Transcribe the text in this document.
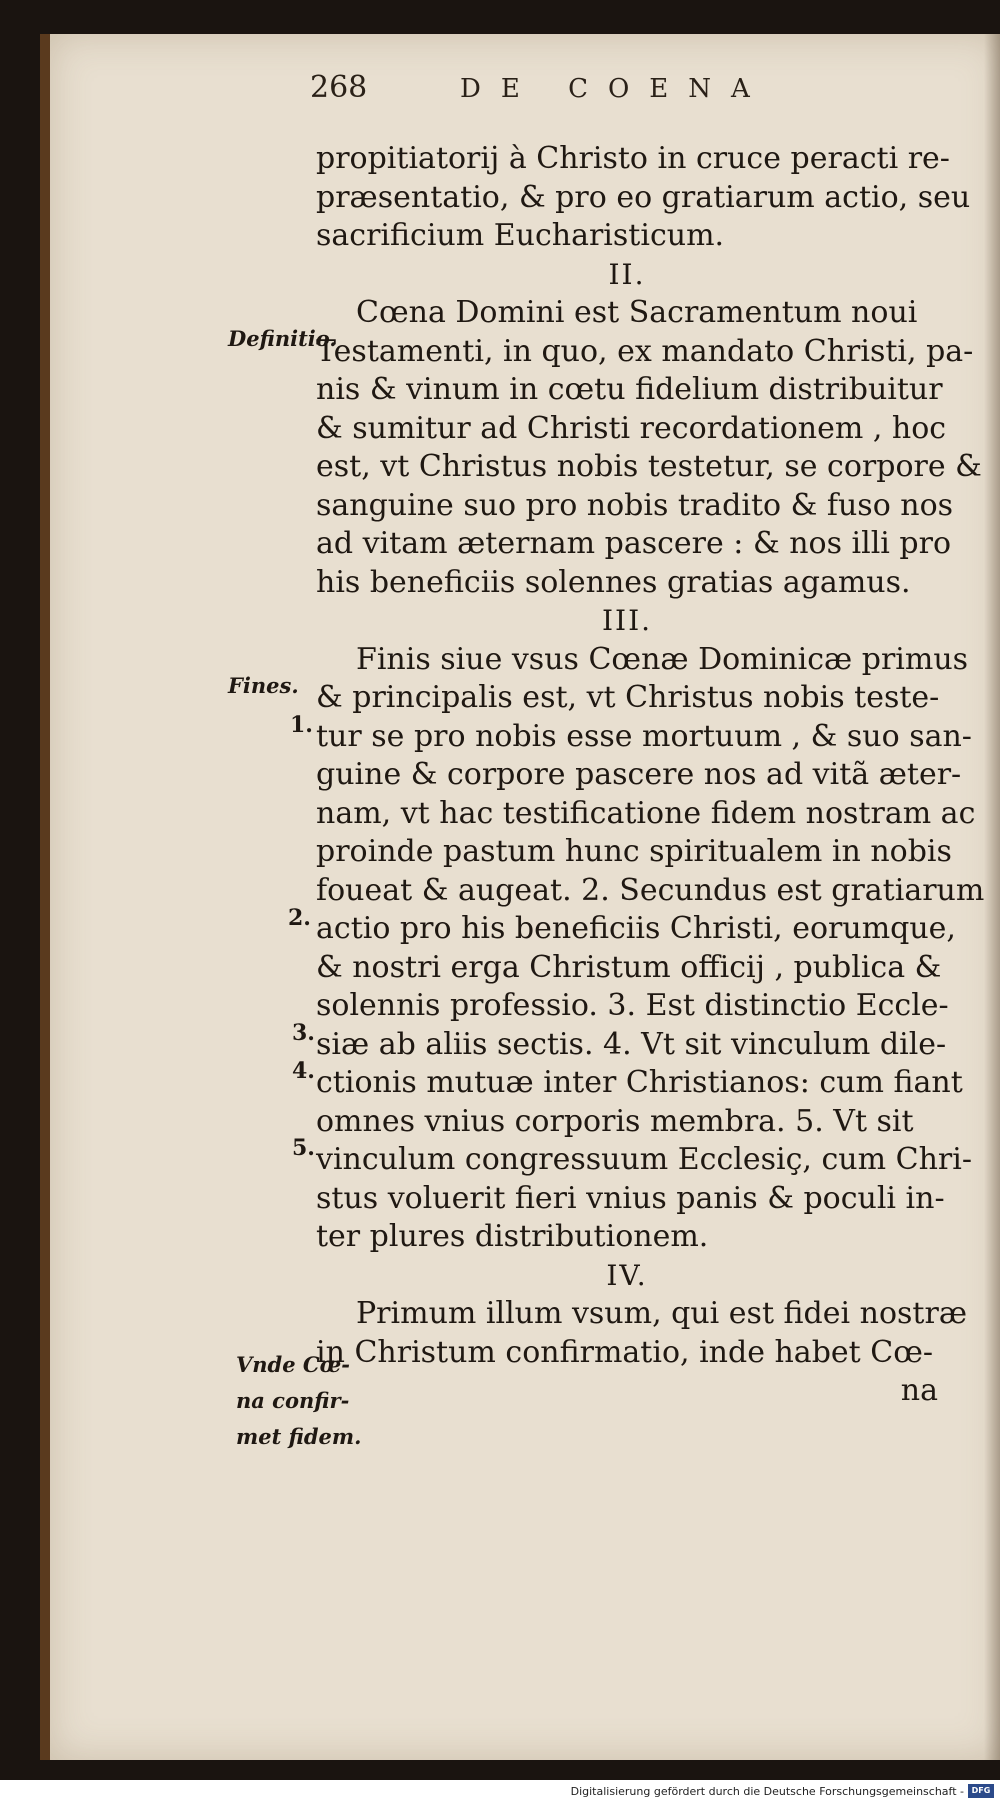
268	DE COENA
propitiatorij à Christo in cruce peracti re-
præsentatio, & pro eo gratiarum actio, seu
sacrificium Eucharisticum.
II.
Cœna Domini est Sacramentum noui
Testamenti, in quo, ex mandato Christi, pa-
nis & vinum in cœtu fidelium distribuitur
& sumitur ad Christi recordationem , hoc
est, vt Christus nobis testetur, se corpore &
sanguine suo pro nobis tradito & fuso nos
ad vitam æternam pascere : & nos illi pro
his beneficiis solennes gratias agamus.
III.
Finis siue vsus Cœnæ Dominicæ primus
& principalis est, vt Christus nobis teste-
tur se pro nobis esse mortuum , & suo san-
guine & corpore pascere nos ad vitã æter-
nam, vt hac testificatione fidem nostram ac
proinde pastum hunc spiritualem in nobis
foueat & augeat. 2. Secundus est gratiarum
actio pro his beneficiis Christi, eorumque,
& nostri erga Christum officij , publica &
solennis professio. 3. Est distinctio Eccle-
siæ ab aliis sectis. 4. Vt sit vinculum dile-
ctionis mutuæ inter Christianos: cum fiant
omnes vnius corporis membra. 5. Vt sit
vinculum congressuum Ecclesiç, cum Chri-
stus voluerit fieri vnius panis & poculi in-
ter plures distributionem.
IV.
Primum illum vsum, qui est fidei nostræ
in Christum confirmatio, inde habet Cœ-
na
Definitio.
Fines.
1.
2.
3.
4.
5.
Vnde Cœ-
na confir-
met fidem.
Digitalisierung gefördert durch die Deutsche Forschungsgemeinschaft - DFG
